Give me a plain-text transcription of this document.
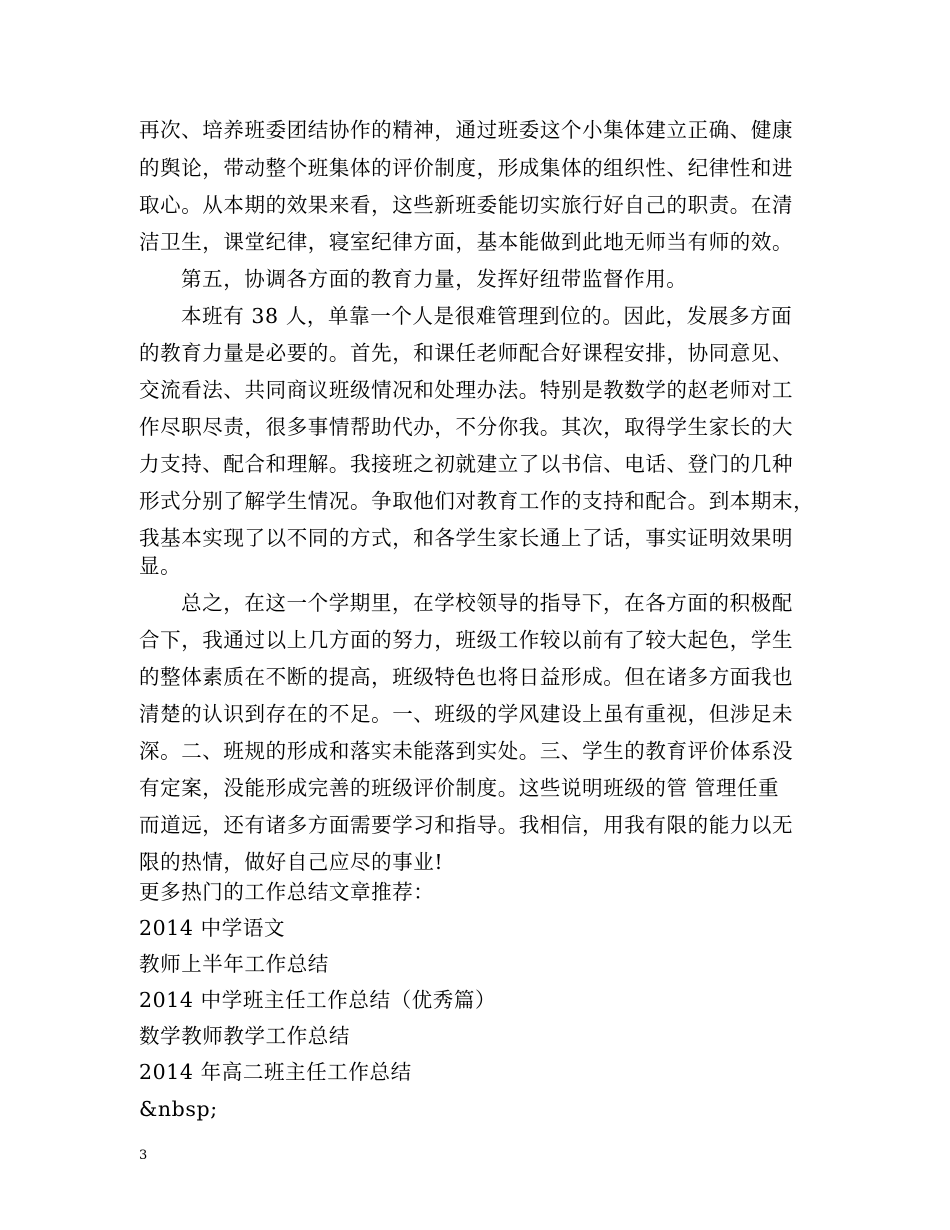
再次、培养班委团结协作的精神，通过班委这个小集体建立正确、健康
的舆论，带动整个班集体的评价制度，形成集体的组织性、纪律性和进
取心。从本期的效果来看，这些新班委能切实旅行好自己的职责。在清
洁卫生，课堂纪律，寝室纪律方面，基本能做到此地无师当有师的效。
第五，协调各方面的教育力量，发挥好纽带监督作用。
本班有 38 人，单靠一个人是很难管理到位的。因此，发展多方面
的教育力量是必要的。首先，和课任老师配合好课程安排，协同意见、
交流看法、共同商议班级情况和处理办法。特别是教数学的赵老师对工
作尽职尽责，很多事情帮助代办，不分你我。其次，取得学生家长的大
力支持、配合和理解。我接班之初就建立了以书信、电话、登门的几种
形式分别了解学生情况。争取他们对教育工作的支持和配合。到本期末，
我基本实现了以不同的方式，和各学生家长通上了话，事实证明效果明
显。
总之，在这一个学期里，在学校领导的指导下，在各方面的积极配
合下，我通过以上几方面的努力，班级工作较以前有了较大起色，学生
的整体素质在不断的提高，班级特色也将日益形成。但在诸多方面我也
清楚的认识到存在的不足。一、班级的学风建设上虽有重视，但涉足未
深。二、班规的形成和落实未能落到实处。三、学生的教育评价体系没
有定案，没能形成完善的班级评价制度。这些说明班级的管 管理任重
而道远，还有诸多方面需要学习和指导。我相信，用我有限的能力以无
限的热情，做好自己应尽的事业!
更多热门的工作总结文章推荐：
2014 中学语文
教师上半年工作总结
2014 中学班主任工作总结（优秀篇）
数学教师教学工作总结
2014 年高二班主任工作总结
&nbsp;
3
